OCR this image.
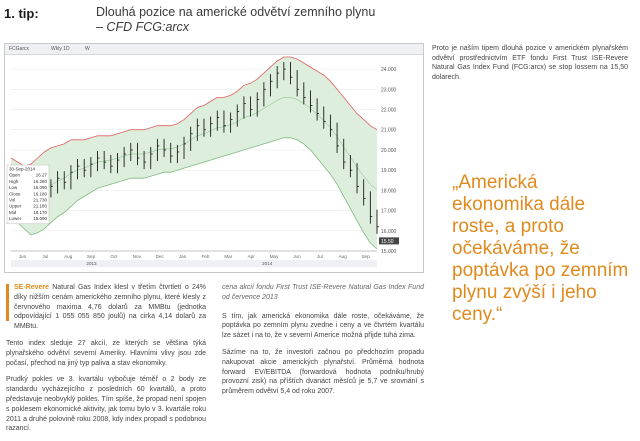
1. tip:	Dlouhá pozice na americké odvětví zemního plynu
– CFD FCG:arcx
FCGarcx	Wkly 1D	W
24.000
23.000
22.000
21.000
20.000
19.000
18.000
17.000
16.000
15.000
15.50
Jun	Jul	Aug	Sep	Oct	Nov	Dec	Jan	Feb	Mar	Apr	May	Jun	Jul	Aug	Sep
2013	2014
30-Sep-2014
Open	16.27
High	16.280
Low	16.090
Close	16.180
Vol	21.730
Upper	21.180
Mid	18.170
Lower	15.090
Proto je naším tipem dlouhá pozice v americkém plynařském odvětví prostřednictvím ETF fondu First Trust ISE-Revere Natural Gas Index Fund (FCG:arcx) se stop lossem na 15,50 dolarech.
„Americká ekonomika dále roste, a proto očekáváme, že poptávka po zemním plynu zvýší i jeho ceny.“

SE-Revere Natural Gas Index klesl v třetím čtvrtletí o 24% díky nižším cenám amerického zemního plynu, které klesly z červnového maxima 4,76 dolarů za MMBtu (jednotka odpovídající 1 055 055 850 joulů) na cirka 4,14 dolarů za MMBtu.

Tento index sleduje 27 akcií, ze kterých se většina týká plynařského odvětví severní Ameriky. Hlavními vlivy jsou zde počasí, přechod na jiný typ paliva a stav ekonomiky.

Prudký pokles ve 3. kvartálu vybočuje téměř o 2 body ze standardu vycházejícího z posledních 60 kvartálů, a proto představuje neobvyklý pokles. Tím spíše, že propad není spojen s poklesem ekonomické aktivity, jak tomu bylo v 3. kvartále roku 2011 a druhé polovině roku 2008, kdy index propadl s podobnou razancí.

cena akcií fondu First Trust ISE-Revere Natural Gas Index Fund od července 2013

S tím, jak americká ekonomika dále roste, očekáváme, že poptávka po zemním plynu zvedne i ceny a ve čtvrtém kvartálu lze sázet i na to, že v severní Americe možná přijde tuhá zima.

Sázíme na to, že investoři začnou po předchozím propadu nakupovat akcie amerických plynařství. Průměrná hodnota forward EV/EBITDA (forwardová hodnota podniku/hrubý provozní zisk) na příštích dvanáct měsíců je 5,7 ve srovnání s průměrem odvětví 5,4 od roku 2007.
